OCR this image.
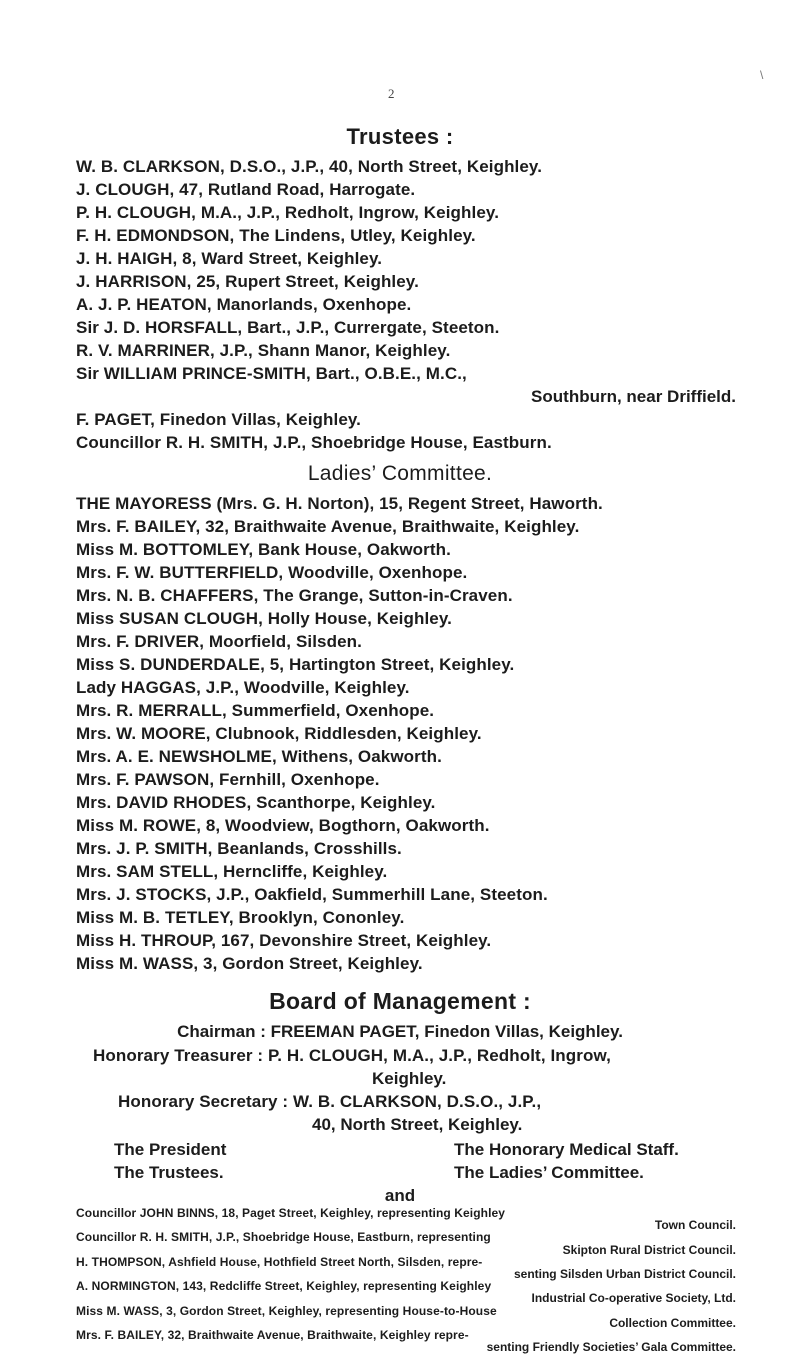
\
2
Trustees :
W. B. CLARKSON, D.S.O., J.P., 40, North Street, Keighley.
J. CLOUGH, 47, Rutland Road, Harrogate.
P. H. CLOUGH, M.A., J.P., Redholt, Ingrow, Keighley.
F. H. EDMONDSON, The Lindens, Utley, Keighley.
J. H. HAIGH, 8, Ward Street, Keighley.
J. HARRISON, 25, Rupert Street, Keighley.
A. J. P. HEATON, Manorlands, Oxenhope.
Sir J. D. HORSFALL, Bart., J.P., Currergate, Steeton.
R. V. MARRINER, J.P., Shann Manor, Keighley.
Sir WILLIAM PRINCE-SMITH, Bart., O.B.E., M.C.,
Southburn, near Driffield.
F. PAGET, Finedon Villas, Keighley.
Councillor R. H. SMITH, J.P., Shoebridge House, Eastburn.
Ladies’ Committee.
THE MAYORESS (Mrs. G. H. Norton), 15, Regent Street, Haworth.
Mrs. F. BAILEY, 32, Braithwaite Avenue, Braithwaite, Keighley.
Miss M. BOTTOMLEY, Bank House, Oakworth.
Mrs. F. W. BUTTERFIELD, Woodville, Oxenhope.
Mrs. N. B. CHAFFERS, The Grange, Sutton-in-Craven.
Miss SUSAN CLOUGH, Holly House, Keighley.
Mrs. F. DRIVER, Moorfield, Silsden.
Miss S. DUNDERDALE, 5, Hartington Street, Keighley.
Lady HAGGAS, J.P., Woodville, Keighley.
Mrs. R. MERRALL, Summerfield, Oxenhope.
Mrs. W. MOORE, Clubnook, Riddlesden, Keighley.
Mrs. A. E. NEWSHOLME, Withens, Oakworth.
Mrs. F. PAWSON, Fernhill, Oxenhope.
Mrs. DAVID RHODES, Scanthorpe, Keighley.
Miss M. ROWE, 8, Woodview, Bogthorn, Oakworth.
Mrs. J. P. SMITH, Beanlands, Crosshills.
Mrs. SAM STELL, Herncliffe, Keighley.
Mrs. J. STOCKS, J.P., Oakfield, Summerhill Lane, Steeton.
Miss M. B. TETLEY, Brooklyn, Cononley.
Miss H. THROUP, 167, Devonshire Street, Keighley.
Miss M. WASS, 3, Gordon Street, Keighley.
Board of Management :
Chairman : FREEMAN PAGET, Finedon Villas, Keighley.
Honorary Treasurer : P. H. CLOUGH, M.A., J.P., Redholt, Ingrow,
Keighley.
Honorary Secretary : W. B. CLARKSON, D.S.O., J.P.,
40, North Street, Keighley.
The President	The Honorary Medical Staff.
The Trustees.	The Ladies’ Committee.
and
Councillor JOHN BINNS, 18, Paget Street, Keighley, representing Keighley
Town Council.
Councillor R. H. SMITH, J.P., Shoebridge House, Eastburn, representing
Skipton Rural District Council.
H. THOMPSON, Ashfield House, Hothfield Street North, Silsden, repre-
senting Silsden Urban District Council.
A. NORMINGTON, 143, Redcliffe Street, Keighley, representing Keighley
Industrial Co-operative Society, Ltd.
Miss M. WASS, 3, Gordon Street, Keighley, representing House-to-House
Collection Committee.
Mrs. F. BAILEY, 32, Braithwaite Avenue, Braithwaite, Keighley repre-
senting Friendly Societies’ Gala Committee.
